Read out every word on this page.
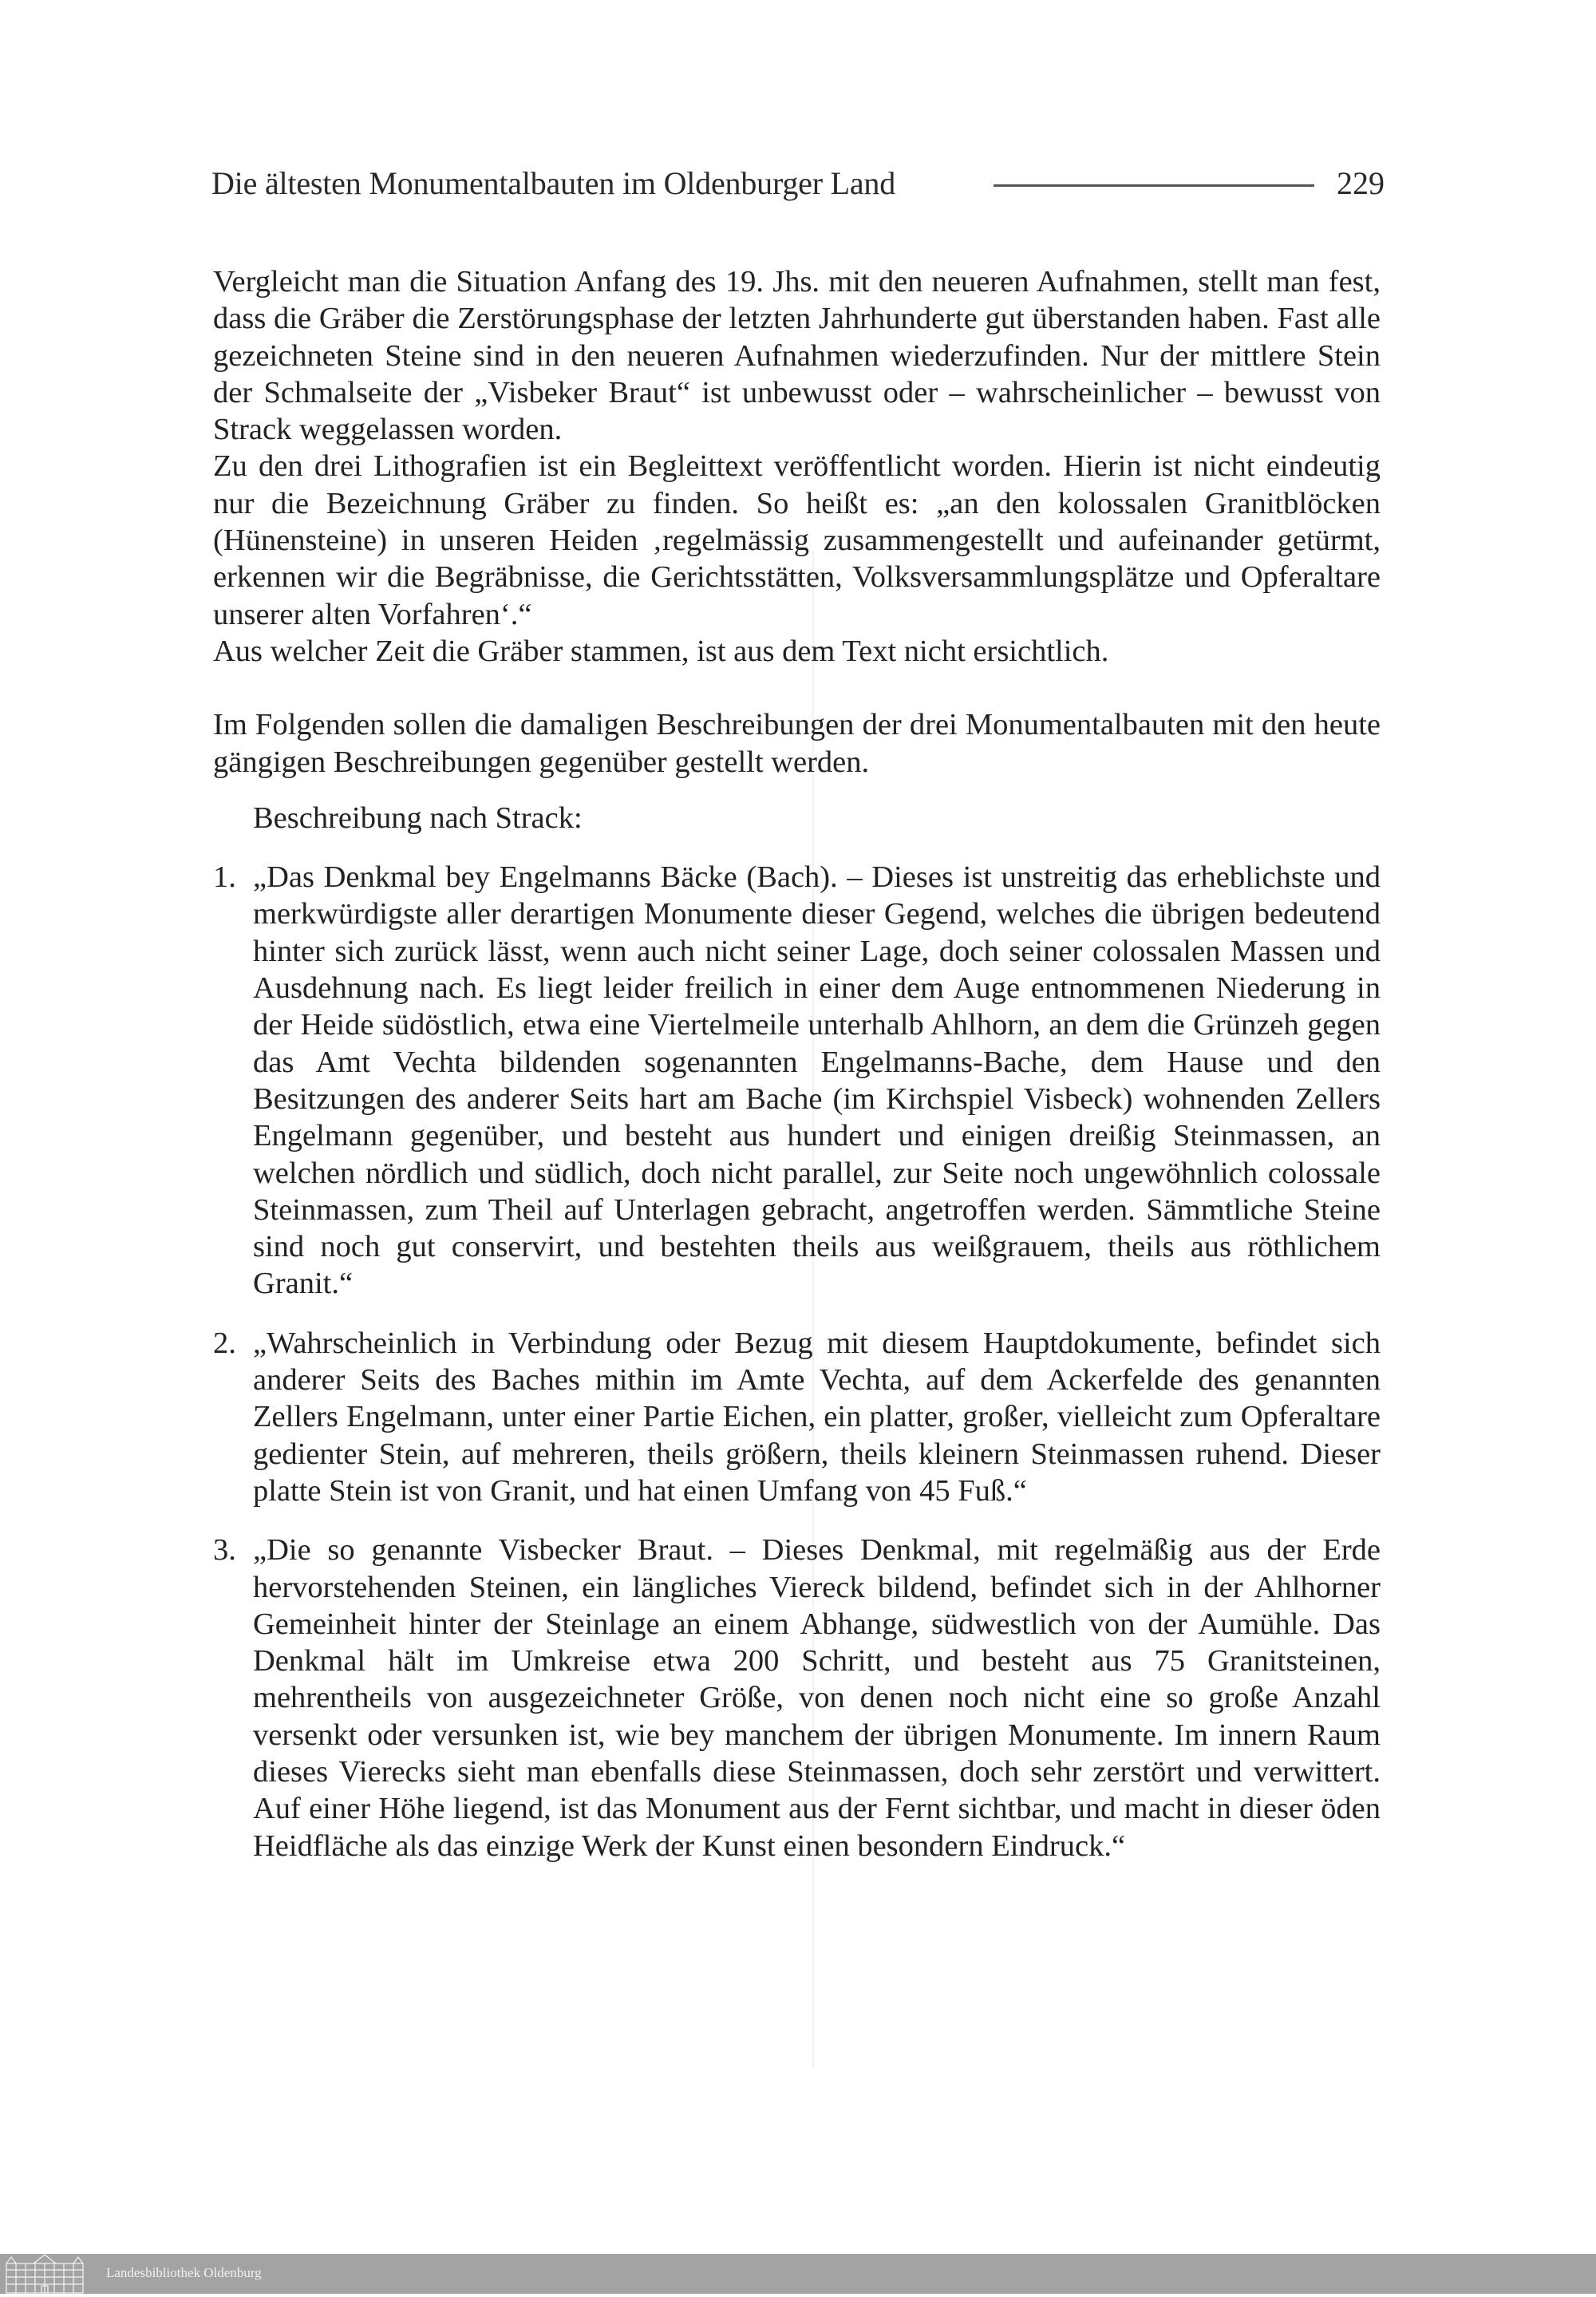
Die ältesten Monumentalbauten im Oldenburger Land	229

Vergleicht man die Situation Anfang des 19. Jhs. mit den neueren Aufnahmen, stellt man fest, dass die Gräber die Zerstörungsphase der letzten Jahrhunderte gut überstanden haben. Fast alle gezeichneten Steine sind in den neueren Aufnahmen wiederzufinden. Nur der mittlere Stein der Schmalseite der „Visbeker Braut“ ist unbewusst oder – wahrscheinlicher – bewusst von Strack weggelassen worden.

Zu den drei Lithografien ist ein Begleittext veröffentlicht worden. Hierin ist nicht eindeutig nur die Bezeichnung Gräber zu finden. So heißt es: „an den kolossalen Granitblöcken (Hünensteine) in unseren Heiden ‚regelmässig zusammengestellt und aufeinander getürmt, erkennen wir die Begräbnisse, die Gerichtsstätten, Volksversammlungsplätze und Opferaltare unserer alten Vorfahren‘.“

Aus welcher Zeit die Gräber stammen, ist aus dem Text nicht ersichtlich.

Im Folgenden sollen die damaligen Beschreibungen der drei Monumentalbauten mit den heute gängigen Beschreibungen gegenüber gestellt werden.

Beschreibung nach Strack:

1. „Das Denkmal bey Engelmanns Bäcke (Bach). – Dieses ist unstreitig das erheblichste und merkwürdigste aller derartigen Monumente dieser Gegend, welches die übrigen bedeutend hinter sich zurück lässt, wenn auch nicht seiner Lage, doch seiner colossalen Massen und Ausdehnung nach. Es liegt leider freilich in einer dem Auge entnommenen Niederung in der Heide südöstlich, etwa eine Viertelmeile unterhalb Ahlhorn, an dem die Grünzeh gegen das Amt Vechta bildenden sogenannten Engelmanns-Bache, dem Hause und den Besitzungen des anderer Seits hart am Bache (im Kirchspiel Visbeck) wohnenden Zellers Engelmann gegenüber, und besteht aus hundert und einigen dreißig Steinmassen, an welchen nördlich und südlich, doch nicht parallel, zur Seite noch ungewöhnlich colossale Steinmassen, zum Theil auf Unterlagen gebracht, angetroffen werden. Sämmtliche Steine sind noch gut conservirt, und bestehten theils aus weißgrauem, theils aus röthlichem Granit.“
2. „Wahrscheinlich in Verbindung oder Bezug mit diesem Hauptdokumente, befindet sich anderer Seits des Baches mithin im Amte Vechta, auf dem Ackerfelde des genannten Zellers Engelmann, unter einer Partie Eichen, ein platter, großer, vielleicht zum Opferaltare gedienter Stein, auf mehreren, theils größern, theils kleinern Steinmassen ruhend. Dieser platte Stein ist von Granit, und hat einen Umfang von 45 Fuß.“
3. „Die so genannte Visbecker Braut. – Dieses Denkmal, mit regelmäßig aus der Erde hervorstehenden Steinen, ein längliches Viereck bildend, befindet sich in der Ahlhorner Gemeinheit hinter der Steinlage an einem Abhange, südwestlich von der Aumühle. Das Denkmal hält im Umkreise etwa 200 Schritt, und besteht aus 75 Granitsteinen, mehrentheils von ausgezeichneter Größe, von denen noch nicht eine so große Anzahl versenkt oder versunken ist, wie bey manchem der übrigen Monumente. Im innern Raum dieses Vierecks sieht man ebenfalls diese Steinmassen, doch sehr zerstört und verwittert. Auf einer Höhe liegend, ist das Monument aus der Fernt sichtbar, und macht in dieser öden Heidfläche als das einzige Werk der Kunst einen besondern Eindruck.“
Landesbibliothek Oldenburg
